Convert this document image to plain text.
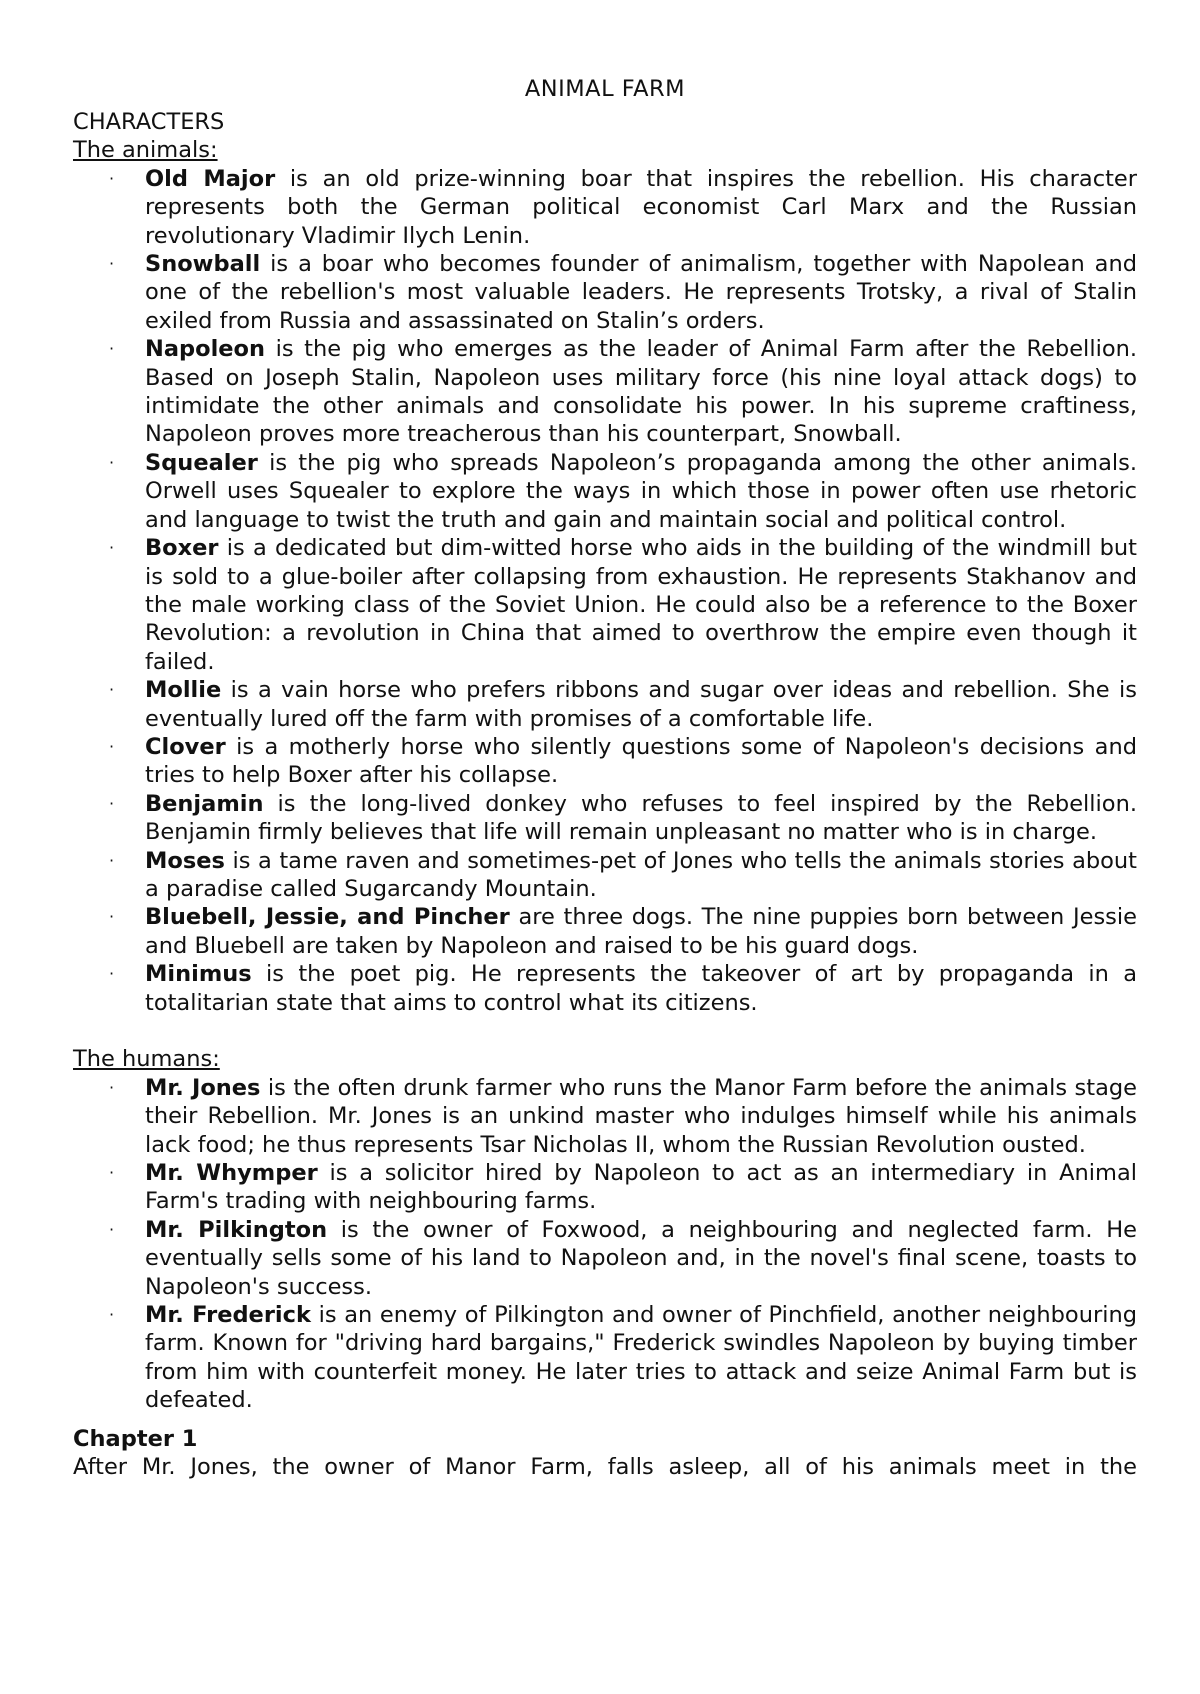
ANIMAL FARM

CHARACTERS

The animals:

· Old Major is an old prize-winning boar that inspires the rebellion. His character represents both the German political economist Carl Marx and the Russian revolutionary Vladimir Ilych Lenin.
· Snowball is a boar who becomes founder of animalism, together with Napolean and one of the rebellion's most valuable leaders. He represents Trotsky, a rival of Stalin exiled from Russia and assassinated on Stalin’s orders.
· Napoleon is the pig who emerges as the leader of Animal Farm after the Rebellion. Based on Joseph Stalin, Napoleon uses military force (his nine loyal attack dogs) to intimidate the other animals and consolidate his power. In his supreme craftiness, Napoleon proves more treacherous than his counterpart, Snowball.
· Squealer is the pig who spreads Napoleon’s propaganda among the other animals. Orwell uses Squealer to explore the ways in which those in power often use rhetoric and language to twist the truth and gain and maintain social and political control.
· Boxer is a dedicated but dim-witted horse who aids in the building of the windmill but is sold to a glue-boiler after collapsing from exhaustion. He represents Stakhanov and the male working class of the Soviet Union. He could also be a reference to the Boxer Revolution: a revolution in China that aimed to overthrow the empire even though it failed.
· Mollie is a vain horse who prefers ribbons and sugar over ideas and rebellion. She is eventually lured off the farm with promises of a comfortable life.
· Clover is a motherly horse who silently questions some of Napoleon's decisions and tries to help Boxer after his collapse.
· Benjamin is the long-lived donkey who refuses to feel inspired by the Rebellion. Benjamin firmly believes that life will remain unpleasant no matter who is in charge.
· Moses is a tame raven and sometimes-pet of Jones who tells the animals stories about a paradise called Sugarcandy Mountain.
· Bluebell, Jessie, and Pincher are three dogs. The nine puppies born between Jessie and Bluebell are taken by Napoleon and raised to be his guard dogs.
· Minimus is the poet pig. He represents the takeover of art by propaganda in a totalitarian state that aims to control what its citizens.

The humans:

· Mr. Jones is the often drunk farmer who runs the Manor Farm before the animals stage their Rebellion. Mr. Jones is an unkind master who indulges himself while his animals lack food; he thus represents Tsar Nicholas II, whom the Russian Revolution ousted.
· Mr. Whymper is a solicitor hired by Napoleon to act as an intermediary in Animal Farm's trading with neighbouring farms.
· Mr. Pilkington is the owner of Foxwood, a neighbouring and neglected farm. He eventually sells some of his land to Napoleon and, in the novel's final scene, toasts to Napoleon's success.
· Mr. Frederick is an enemy of Pilkington and owner of Pinchfield, another neighbouring farm. Known for "driving hard bargains," Frederick swindles Napoleon by buying timber from him with counterfeit money. He later tries to attack and seize Animal Farm but is defeated.

Chapter 1

After Mr. Jones, the owner of Manor Farm, falls asleep, all of his animals meet in the
